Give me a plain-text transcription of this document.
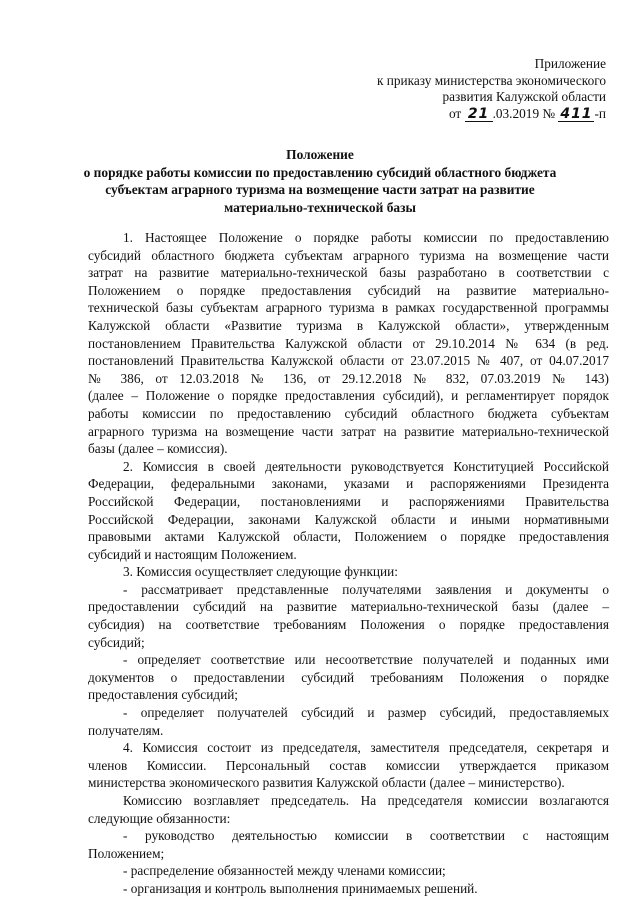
Приложение
к приказу министерства экономического
развития Калужской области
от 21 .03.2019 № 411 -п
Положение
о порядке работы комиссии по предоставлению субсидий областного бюджета
субъектам аграрного туризма на возмещение части затрат на развитие
материально-технической базы
1. Настоящее Положение о порядке работы комиссии по предоставлению
субсидий областного бюджета субъектам аграрного туризма на возмещение части
затрат на развитие материально-технической базы разработано в соответствии с
Положением о порядке предоставления субсидий на развитие материально-
технической базы субъектам аграрного туризма в рамках государственной программы
Калужской области «Развитие туризма в Калужской области», утвержденным
постановлением Правительства Калужской области от 29.10.2014 № 634 (в ред.
постановлений Правительства Калужской области от 23.07.2015 № 407, от 04.07.2017
№ 386, от 12.03.2018 № 136, от 29.12.2018 № 832, 07.03.2019 № 143)
(далее – Положение о порядке предоставления субсидий), и регламентирует порядок
работы комиссии по предоставлению субсидий областного бюджета субъектам
аграрного туризма на возмещение части затрат на развитие материально-технической
базы (далее – комиссия).
2. Комиссия в своей деятельности руководствуется Конституцией Российской
Федерации, федеральными законами, указами и распоряжениями Президента
Российской Федерации, постановлениями и распоряжениями Правительства
Российской Федерации, законами Калужской области и иными нормативными
правовыми актами Калужской области, Положением о порядке предоставления
субсидий и настоящим Положением.
3. Комиссия осуществляет следующие функции:
- рассматривает представленные получателями заявления и документы о
предоставлении субсидий на развитие материально-технической базы (далее –
субсидия) на соответствие требованиям Положения о порядке предоставления
субсидий;
- определяет соответствие или несоответствие получателей и поданных ими
документов о предоставлении субсидий требованиям Положения о порядке
предоставления субсидий;
- определяет получателей субсидий и размер субсидий, предоставляемых
получателям.
4. Комиссия состоит из председателя, заместителя председателя, секретаря и
членов Комиссии. Персональный состав комиссии утверждается приказом
министерства экономического развития Калужской области (далее – министерство).
Комиссию возглавляет председатель. На председателя комиссии возлагаются
следующие обязанности:
- руководство деятельностью комиссии в соответствии с настоящим
Положением;
- распределение обязанностей между членами комиссии;
- организация и контроль выполнения принимаемых решений.
